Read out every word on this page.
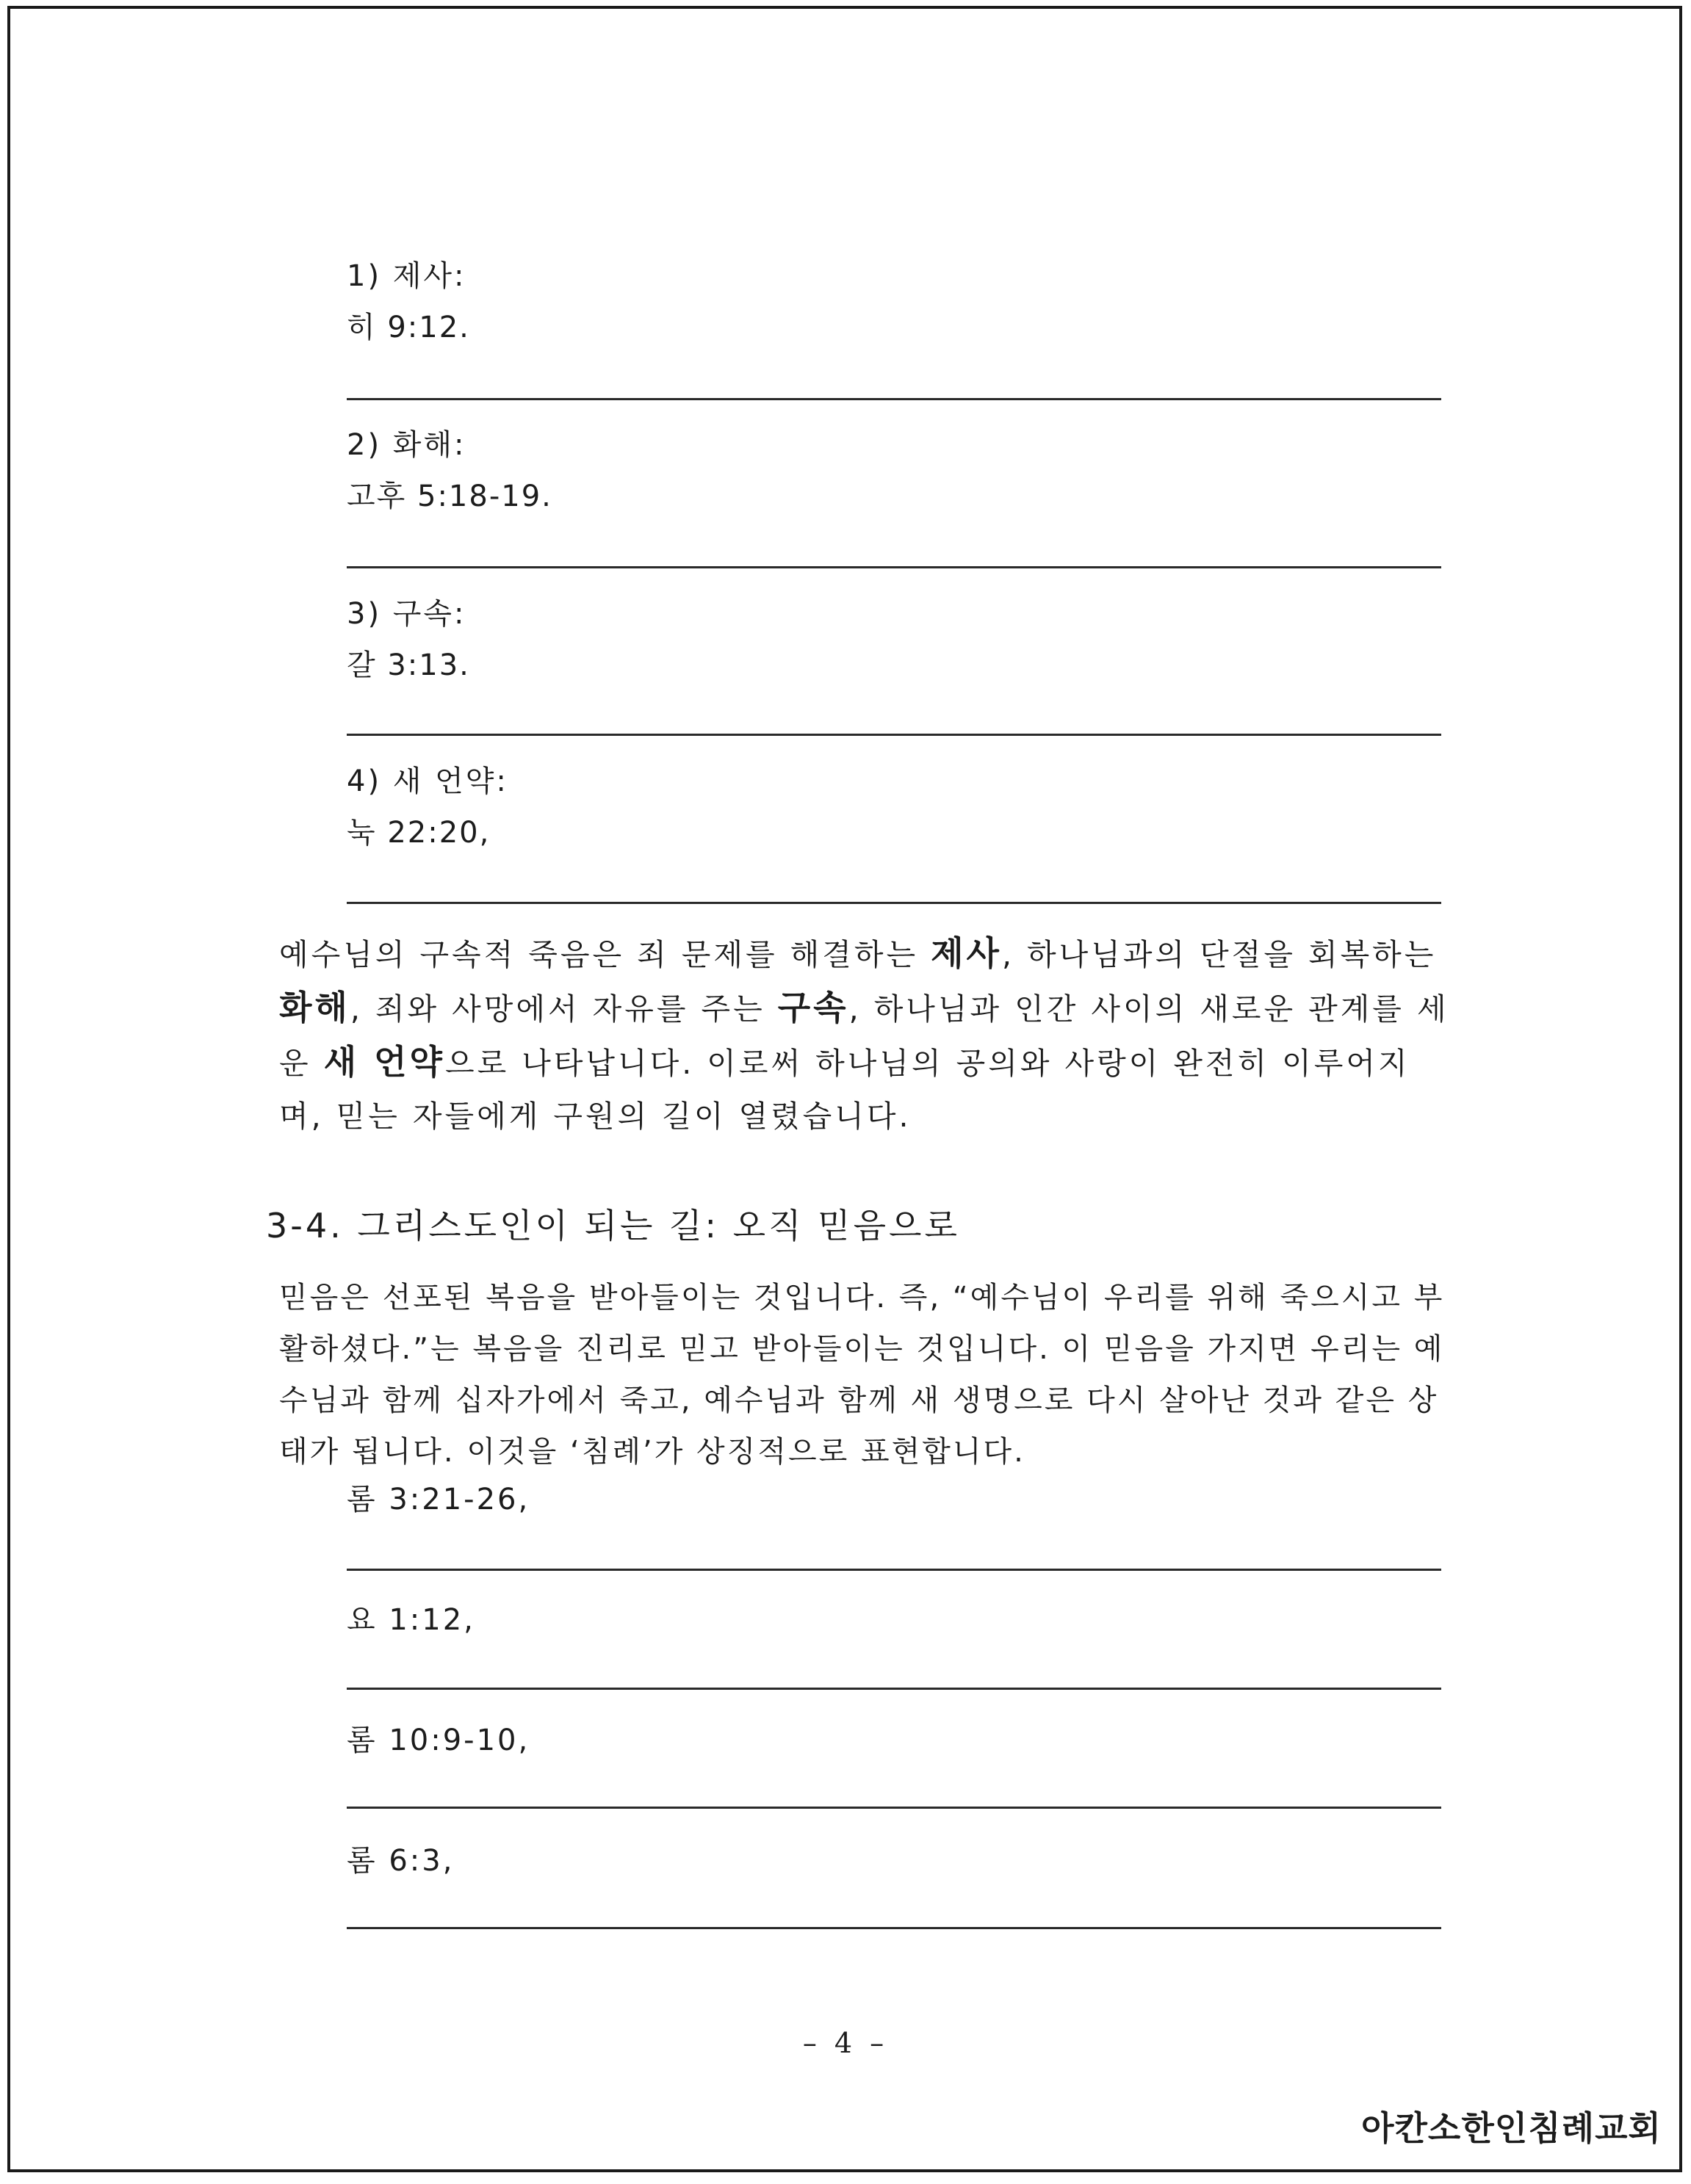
1) 제사:

히 9:12.

2) 화해:

고후 5:18-19.

3) 구속:

갈 3:13.

4) 새 언약:

눅 22:20,

예수님의 구속적 죽음은 죄 문제를 해결하는 제사, 하나님과의 단절을 회복하는 화해, 죄와 사망에서 자유를 주는 구속, 하나님과 인간 사이의 새로운 관계를 세운 새 언약으로 나타납니다. 이로써 하나님의 공의와 사랑이 완전히 이루어지며, 믿는 자들에게 구원의 길이 열렸습니다.

3-4. 그리스도인이 되는 길: 오직 믿음으로

믿음은 선포된 복음을 받아들이는 것입니다. 즉, “예수님이 우리를 위해 죽으시고 부활하셨다.”는 복음을 진리로 믿고 받아들이는 것입니다. 이 믿음을 가지면 우리는 예수님과 함께 십자가에서 죽고, 예수님과 함께 새 생명으로 다시 살아난 것과 같은 상태가 됩니다. 이것을 ‘침례’가 상징적으로 표현합니다.

롬 3:21-26,
요 1:12,
롬 10:9-10,
롬 6:3,

– 4 –

아칸소한인침례교회
